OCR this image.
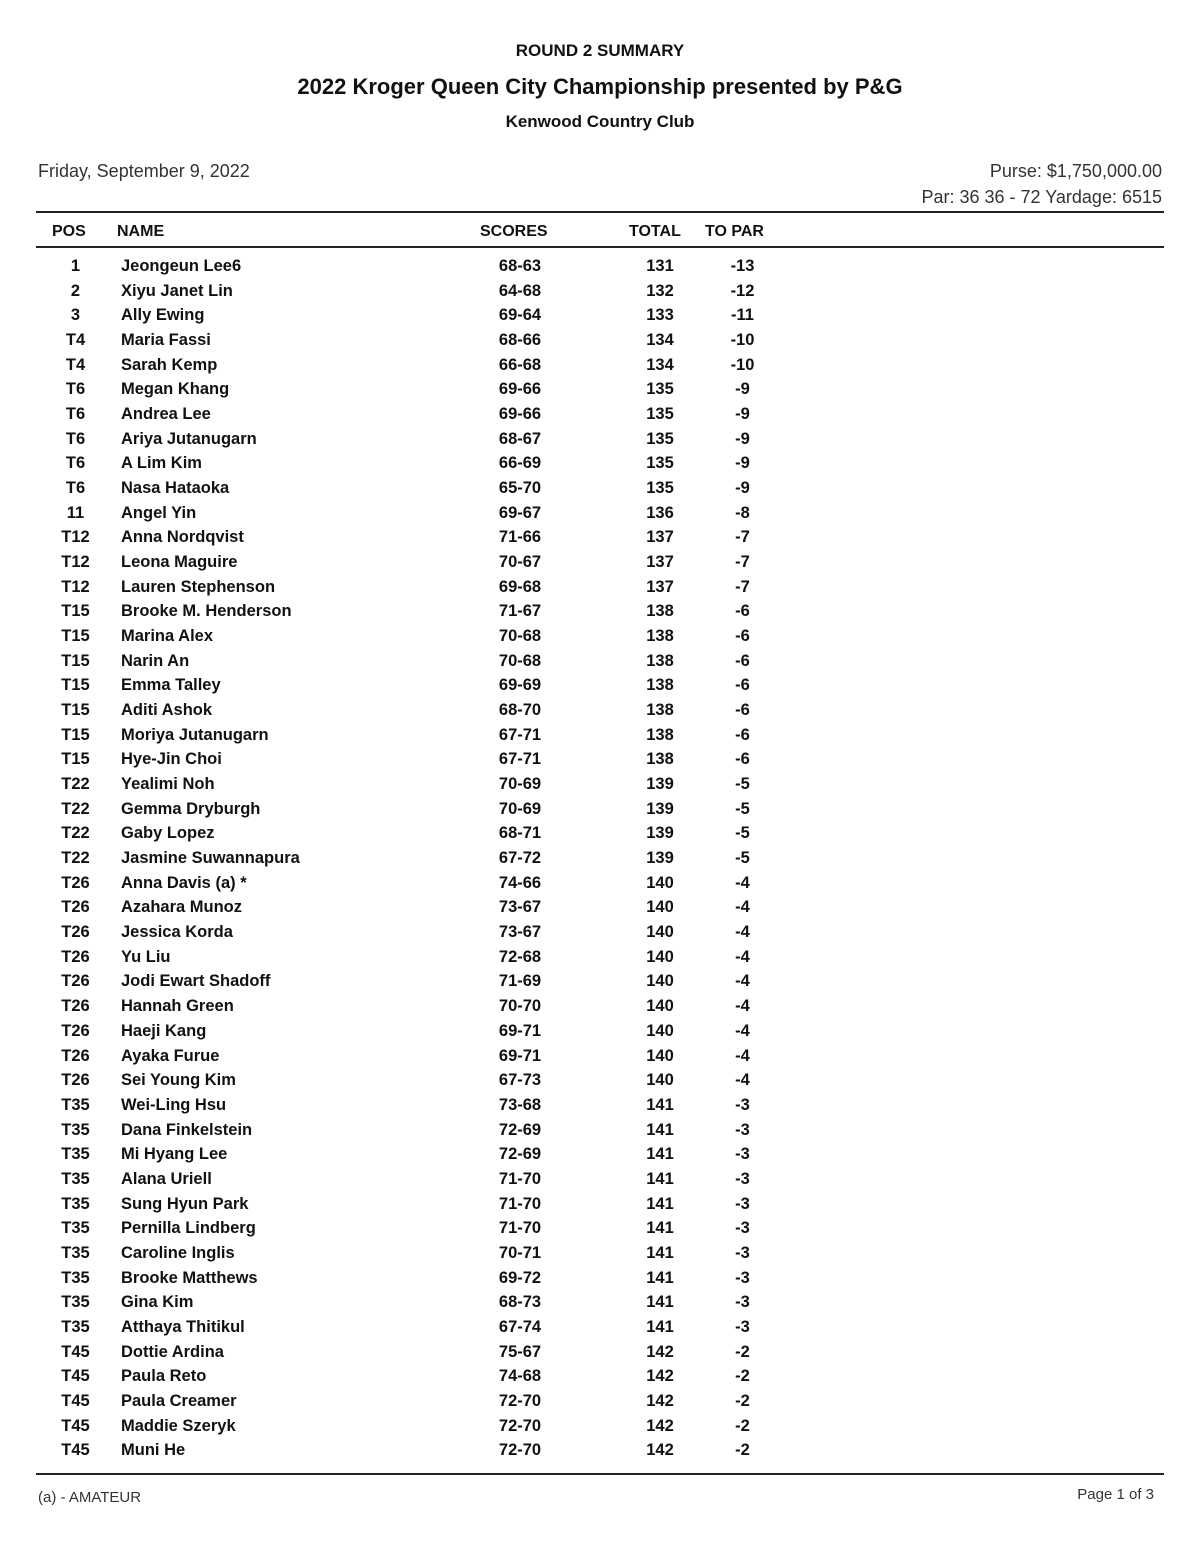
ROUND 2 SUMMARY
2022 Kroger Queen City Championship presented by P&G
Kenwood Country Club
Friday, September 9, 2022	Purse: $1,750,000.00
Par: 36 36 - 72 Yardage: 6515
POS NAME	SCORES	TOTAL TO PAR
1	Jeongeun Lee6	68-63	131	-13
2	Xiyu Janet Lin	64-68	132	-12
3	Ally Ewing	69-64	133	-11
T4	Maria Fassi	68-66	134	-10
T4	Sarah Kemp	66-68	134	-10
T6	Megan Khang	69-66	135	-9
T6	Andrea Lee	69-66	135	-9
T6	Ariya Jutanugarn	68-67	135	-9
T6	A Lim Kim	66-69	135	-9
T6	Nasa Hataoka	65-70	135	-9
11	Angel Yin	69-67	136	-8
T12	Anna Nordqvist	71-66	137	-7
T12	Leona Maguire	70-67	137	-7
T12	Lauren Stephenson	69-68	137	-7
T15	Brooke M. Henderson	71-67	138	-6
T15	Marina Alex	70-68	138	-6
T15	Narin An	70-68	138	-6
T15	Emma Talley	69-69	138	-6
T15	Aditi Ashok	68-70	138	-6
T15	Moriya Jutanugarn	67-71	138	-6
T15	Hye-Jin Choi	67-71	138	-6
T22	Yealimi Noh	70-69	139	-5
T22	Gemma Dryburgh	70-69	139	-5
T22	Gaby Lopez	68-71	139	-5
T22	Jasmine Suwannapura	67-72	139	-5
T26	Anna Davis (a) *	74-66	140	-4
T26	Azahara Munoz	73-67	140	-4
T26	Jessica Korda	73-67	140	-4
T26	Yu Liu	72-68	140	-4
T26	Jodi Ewart Shadoff	71-69	140	-4
T26	Hannah Green	70-70	140	-4
T26	Haeji Kang	69-71	140	-4
T26	Ayaka Furue	69-71	140	-4
T26	Sei Young Kim	67-73	140	-4
T35	Wei-Ling Hsu	73-68	141	-3
T35	Dana Finkelstein	72-69	141	-3
T35	Mi Hyang Lee	72-69	141	-3
T35	Alana Uriell	71-70	141	-3
T35	Sung Hyun Park	71-70	141	-3
T35	Pernilla Lindberg	71-70	141	-3
T35	Caroline Inglis	70-71	141	-3
T35	Brooke Matthews	69-72	141	-3
T35	Gina Kim	68-73	141	-3
T35	Atthaya Thitikul	67-74	141	-3
T45	Dottie Ardina	75-67	142	-2
T45	Paula Reto	74-68	142	-2
T45	Paula Creamer	72-70	142	-2
T45	Maddie Szeryk	72-70	142	-2
T45	Muni He	72-70	142	-2
(a) - AMATEUR	Page 1 of 3
